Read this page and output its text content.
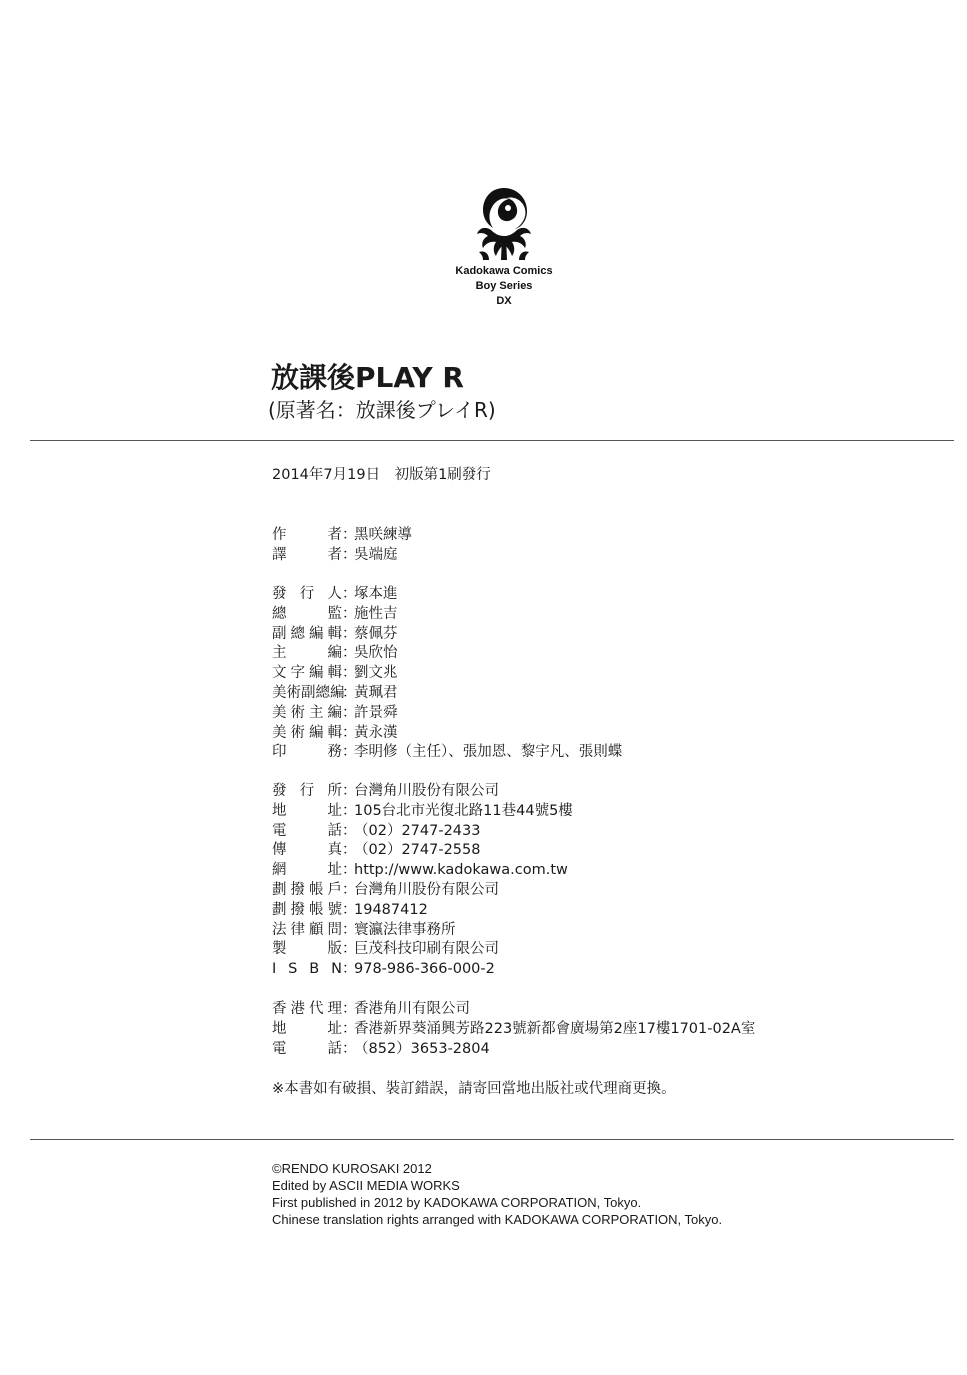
Kadokawa Comics
Boy Series
DX
放課後PLAY R
(原著名：放課後プレイR)
2014年7月19日　初版第1刷發行
作	者 ：
黑咲練導
譯	者 ：
吳端庭
發 行 人 ：
塚本進
總	監 ：
施性吉
副 總 編 輯 ：
蔡佩芬
主	編 ：
吳欣怡
文 字 編 輯 ：
劉文兆
美 術 副 總 編
：
黃珮君
美 術 主 編 ：
許景舜
美 術 編 輯 ：
黃永漢
印	務 ：
李明修（主任）、張加恩、黎宇凡、張則蝶
發 行 所 ：
台灣角川股份有限公司
地	址 ：
105台北市光復北路11巷44號5樓
電	話 ：
（02）2747-2433
傳	真 ：
（02）2747-2558
網	址 ：
http://www.kadokawa.com.tw
劃 撥 帳 戶 ：
台灣角川股份有限公司
劃 撥 帳 號 ：
19487412
法 律 顧 問 ：
寰瀛法律事務所
製	版 ：
巨茂科技印刷有限公司
I S B N ：
978-986-366-000-2
香 港 代 理 ：
香港角川有限公司
地	址 ：
香港新界葵涌興芳路223號新都會廣場第2座17樓1701-02A室
電	話 ：
（852）3653-2804
※本書如有破損、裝訂錯誤，請寄回當地出版社或代理商更換。
©RENDO KUROSAKI 2012
Edited by ASCII MEDIA WORKS
First published in 2012 by KADOKAWA CORPORATION, Tokyo.
Chinese translation rights arranged with KADOKAWA CORPORATION, Tokyo.
